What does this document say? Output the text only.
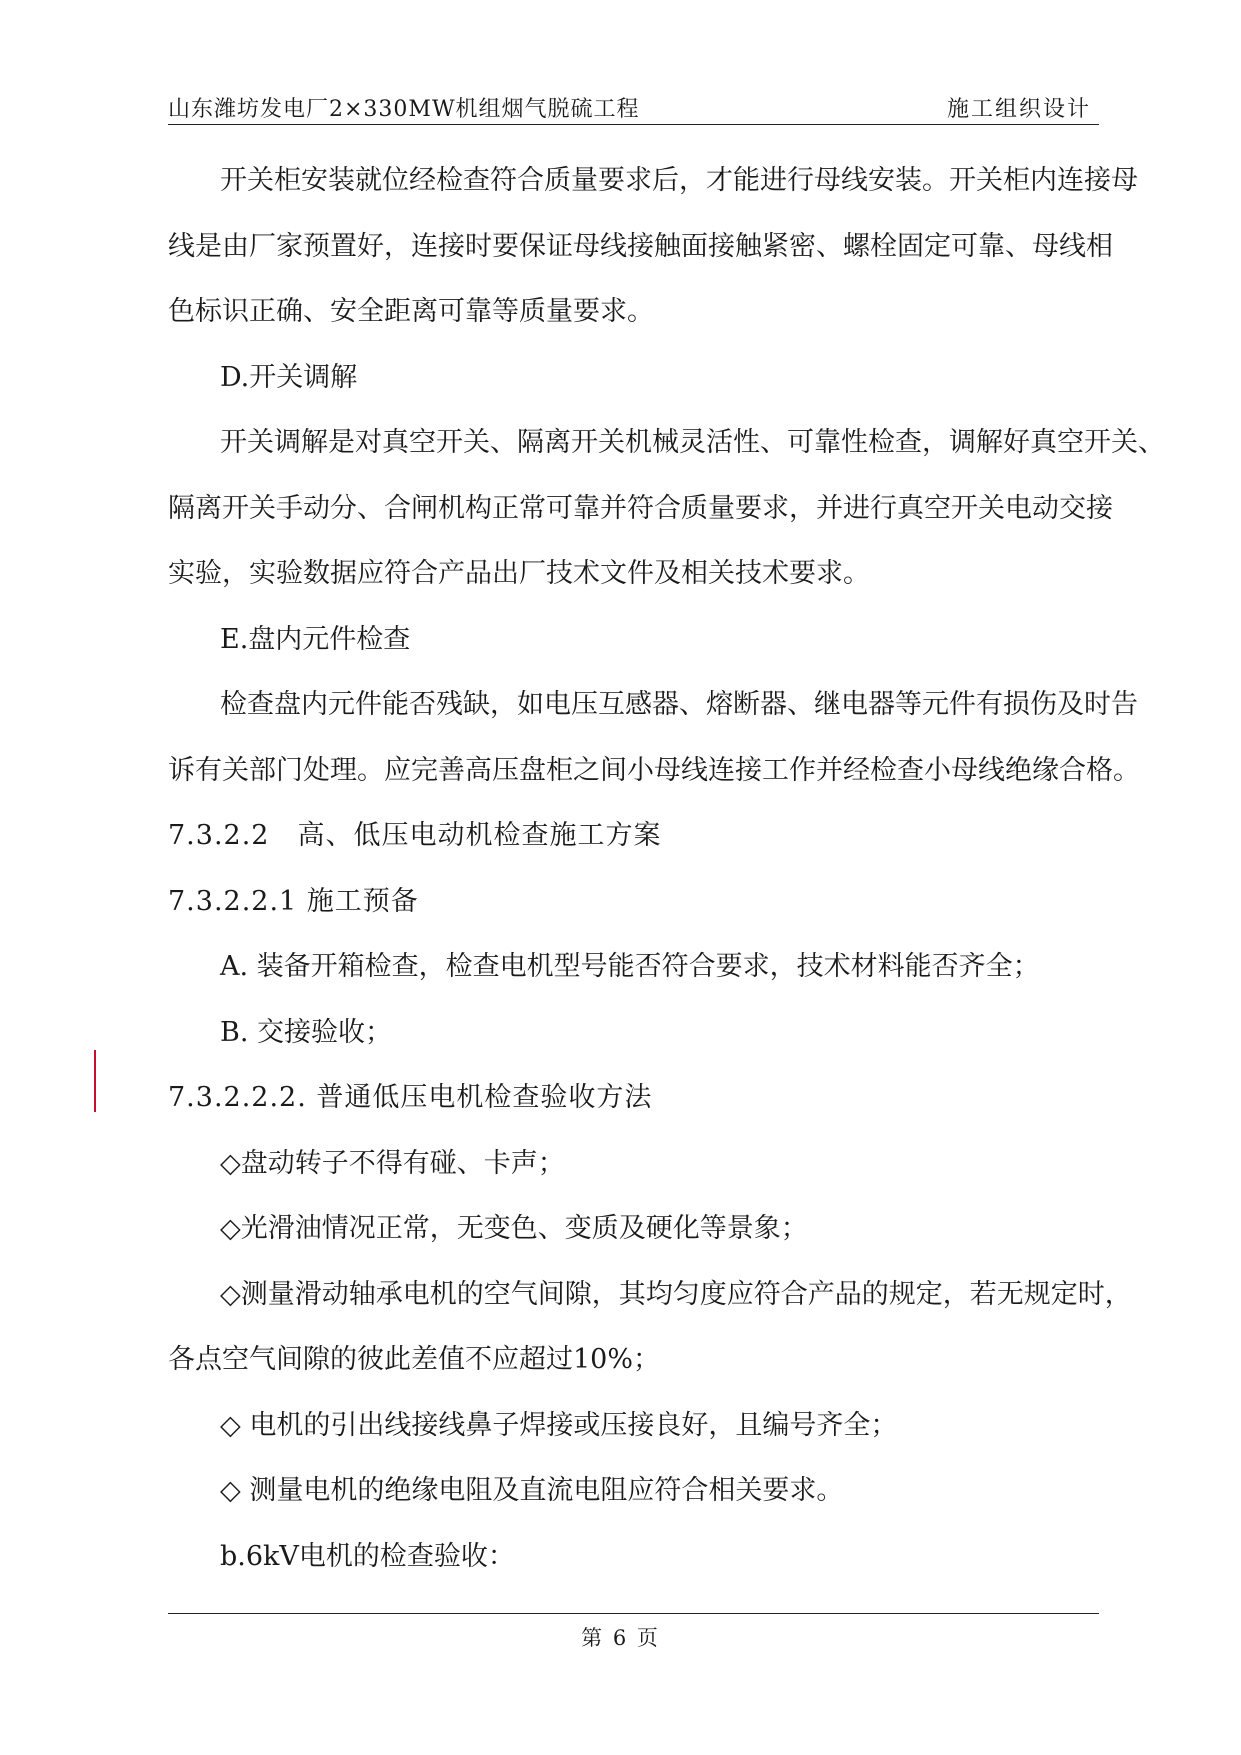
山东潍坊发电厂2×330MW机组烟气脱硫工程	施工组织设计
开关柜安装就位经检查符合质量要求后，才能进行母线安装。开关柜内连接母
线是由厂家预置好，连接时要保证母线接触面接触紧密、螺栓固定可靠、母线相
色标识正确、安全距离可靠等质量要求。
D.开关调解
开关调解是对真空开关、隔离开关机械灵活性、可靠性检查，调解好真空开关、
隔离开关手动分、合闸机构正常可靠并符合质量要求，并进行真空开关电动交接
实验，实验数据应符合产品出厂技术文件及相关技术要求。
E.盘内元件检查
检查盘内元件能否残缺，如电压互感器、熔断器、继电器等元件有损伤及时告
诉有关部门处理。应完善高压盘柜之间小母线连接工作并经检查小母线绝缘合格。
7.3.2.2　高、低压电动机检查施工方案
7.3.2.2.1 施工预备
A. 装备开箱检查，检查电机型号能否符合要求，技术材料能否齐全；
B. 交接验收；
7.3.2.2.2. 普通低压电机检查验收方法
◇盘动转子不得有碰、卡声；
◇光滑油情况正常，无变色、变质及硬化等景象；
◇测量滑动轴承电机的空气间隙，其均匀度应符合产品的规定，若无规定时，
各点空气间隙的彼此差值不应超过10%；
◇ 电机的引出线接线鼻子焊接或压接良好，且编号齐全；
◇ 测量电机的绝缘电阻及直流电阻应符合相关要求。
b.6kV电机的检查验收：
第 6 页
